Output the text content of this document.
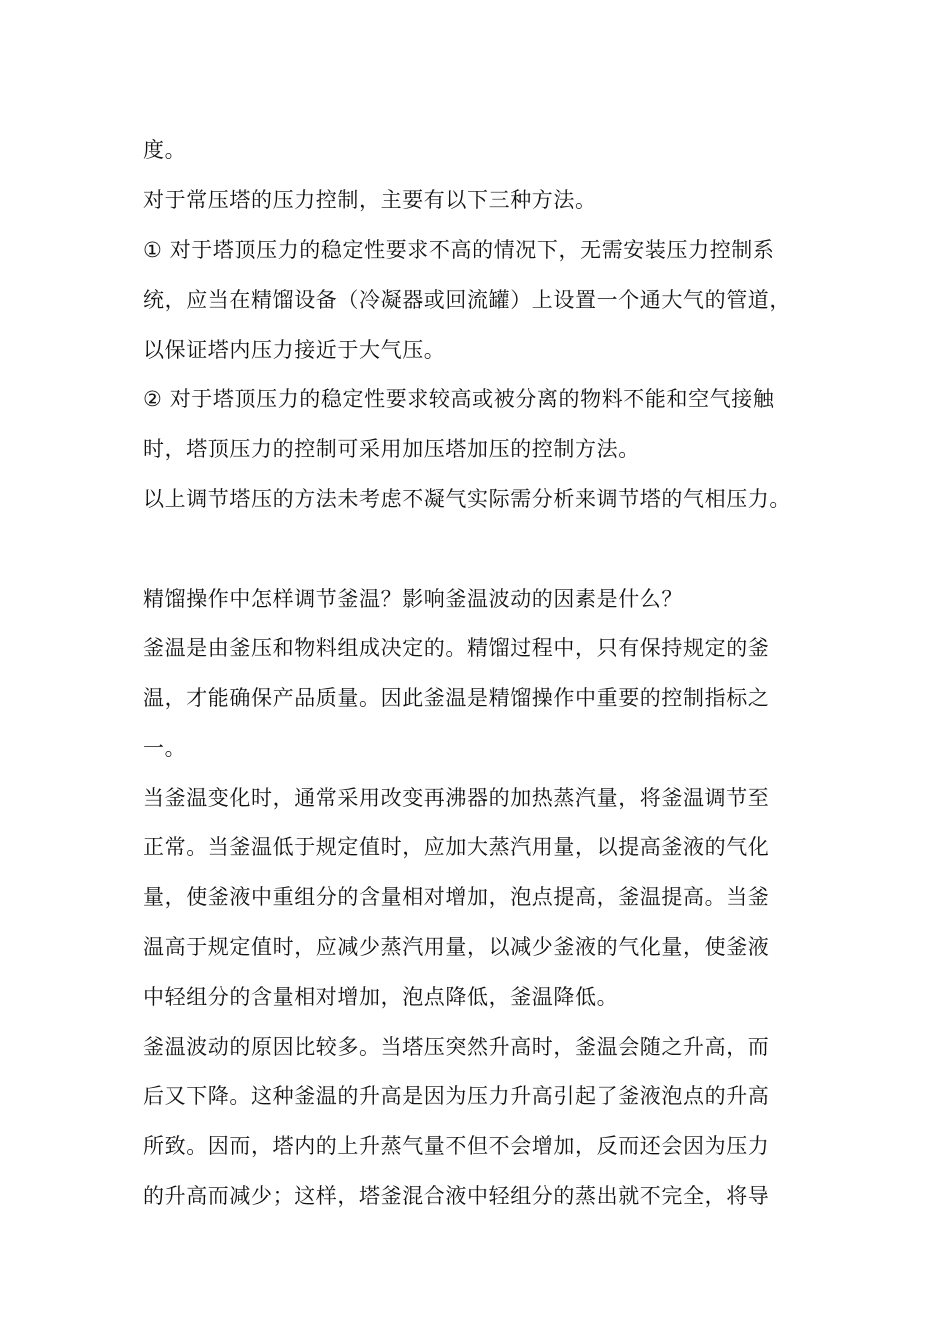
度。
对于常压塔的压力控制，主要有以下三种方法。
① 对于塔顶压力的稳定性要求不高的情况下，无需安装压力控制系
统，应当在精馏设备（冷凝器或回流罐）上设置一个通大气的管道，
以保证塔内压力接近于大气压。
② 对于塔顶压力的稳定性要求较高或被分离的物料不能和空气接触
时，塔顶压力的控制可采用加压塔加压的控制方法。
以上调节塔压的方法未考虑不凝气实际需分析来调节塔的气相压力。
精馏操作中怎样调节釜温？影响釜温波动的因素是什么？
釜温是由釜压和物料组成决定的。精馏过程中，只有保持规定的釜
温，才能确保产品质量。因此釜温是精馏操作中重要的控制指标之
一。
当釜温变化时，通常采用改变再沸器的加热蒸汽量，将釜温调节至
正常。当釜温低于规定值时，应加大蒸汽用量，以提高釜液的气化
量，使釜液中重组分的含量相对增加，泡点提高，釜温提高。当釜
温高于规定值时，应减少蒸汽用量，以减少釜液的气化量，使釜液
中轻组分的含量相对增加，泡点降低，釜温降低。
釜温波动的原因比较多。当塔压突然升高时，釜温会随之升高，而
后又下降。这种釜温的升高是因为压力升高引起了釜液泡点的升高
所致。因而，塔内的上升蒸气量不但不会增加，反而还会因为压力
的升高而减少；这样，塔釜混合液中轻组分的蒸出就不完全，将导
